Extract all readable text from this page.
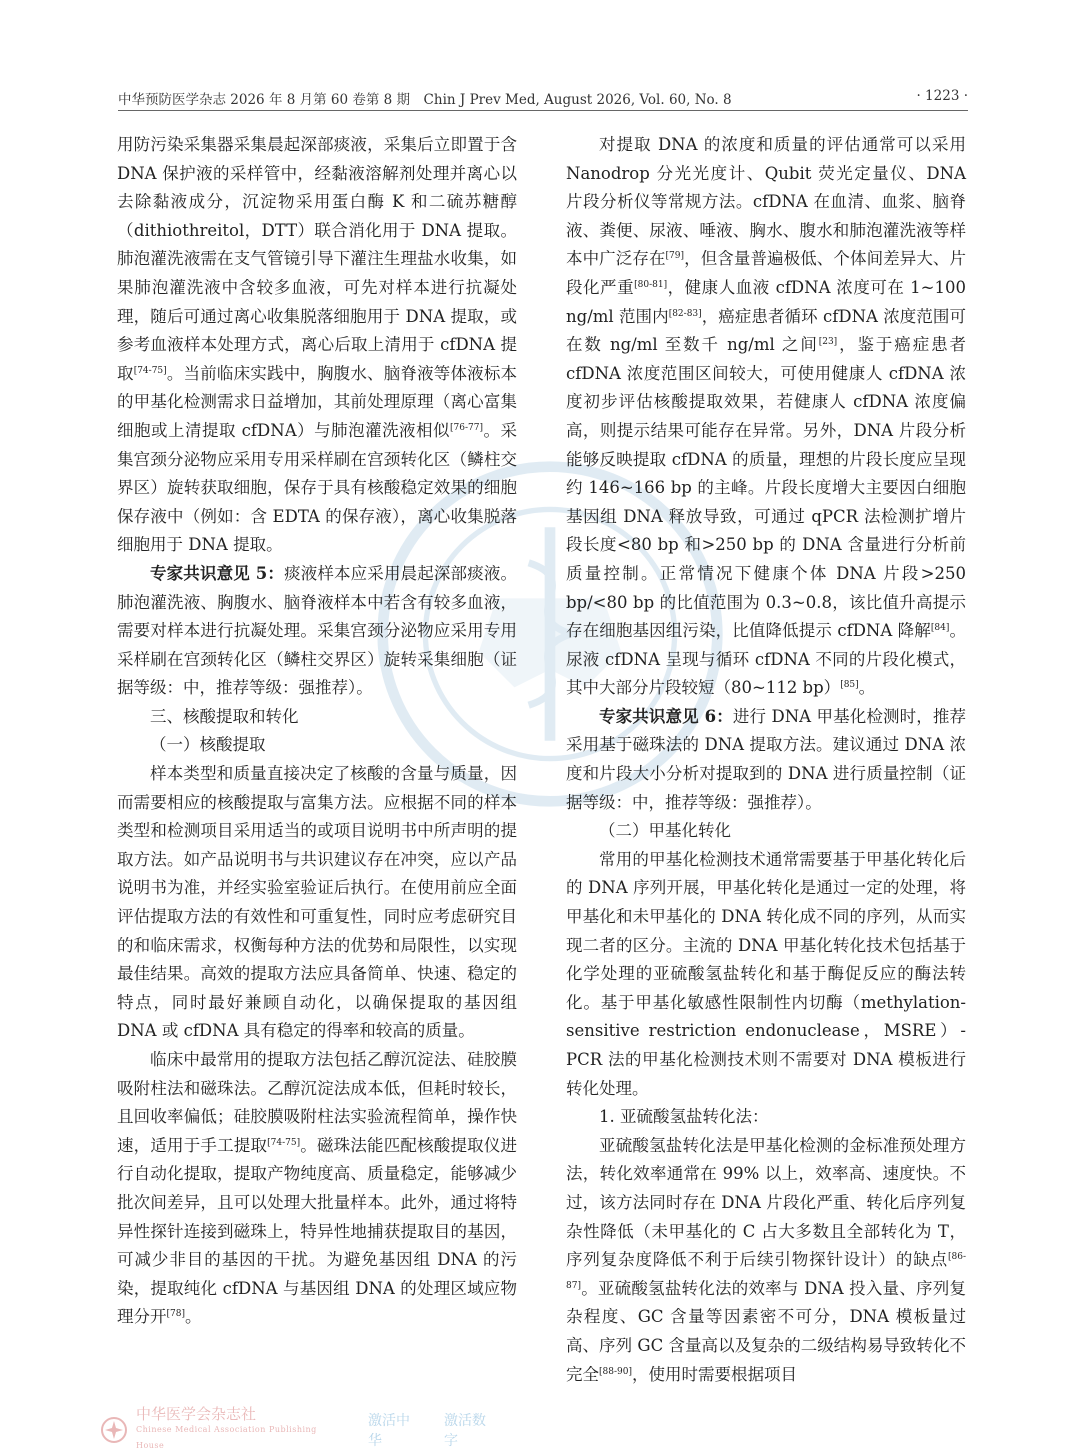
中华预防医学杂志 2026 年 8 月第 60 卷第 8 期　Chin J Prev Med, August 2026, Vol. 60, No. 8	· 1223 ·

用防污染采集器采集晨起深部痰液，采集后立即置于含 DNA 保护液的采样管中，经黏液溶解剂处理并离心以去除黏液成分，沉淀物采用蛋白酶 K 和二硫苏糖醇（dithiothreitol，DTT）联合消化用于 DNA 提取。肺泡灌洗液需在支气管镜引导下灌注生理盐水收集，如果肺泡灌洗液中含较多血液，可先对样本进行抗凝处理，随后可通过离心收集脱落细胞用于 DNA 提取，或参考血液样本处理方式，离心后取上清用于 cfDNA 提取[74-75]。当前临床实践中，胸腹水、脑脊液等体液标本的甲基化检测需求日益增加，其前处理原理（离心富集细胞或上清提取 cfDNA）与肺泡灌洗液相似[76-77]。采集宫颈分泌物应采用专用采样刷在宫颈转化区（鳞柱交界区）旋转获取细胞，保存于具有核酸稳定效果的细胞保存液中（例如：含 EDTA 的保存液），离心收集脱落细胞用于 DNA 提取。

专家共识意见 5：痰液样本应采用晨起深部痰液。肺泡灌洗液、胸腹水、脑脊液样本中若含有较多血液，需要对样本进行抗凝处理。采集宫颈分泌物应采用专用采样刷在宫颈转化区（鳞柱交界区）旋转采集细胞（证据等级：中，推荐等级：强推荐）。

三、核酸提取和转化
（一）核酸提取

样本类型和质量直接决定了核酸的含量与质量，因而需要相应的核酸提取与富集方法。应根据不同的样本类型和检测项目采用适当的或项目说明书中所声明的提取方法。如产品说明书与共识建议存在冲突，应以产品说明书为准，并经实验室验证后执行。在使用前应全面评估提取方法的有效性和可重复性，同时应考虑研究目的和临床需求，权衡每种方法的优势和局限性，以实现最佳结果。高效的提取方法应具备简单、快速、稳定的特点，同时最好兼顾自动化，以确保提取的基因组 DNA 或 cfDNA 具有稳定的得率和较高的质量。

临床中最常用的提取方法包括乙醇沉淀法、硅胶膜吸附柱法和磁珠法。乙醇沉淀法成本低，但耗时较长，且回收率偏低；硅胶膜吸附柱法实验流程简单，操作快速，适用于手工提取[74-75]。磁珠法能匹配核酸提取仪进行自动化提取，提取产物纯度高、质量稳定，能够减少批次间差异，且可以处理大批量样本。此外，通过将特异性探针连接到磁珠上，特异性地捕获提取目的基因，可减少非目的基因的干扰。为避免基因组 DNA 的污染，提取纯化 cfDNA 与基因组 DNA 的处理区域应物理分开[78]。

对提取 DNA 的浓度和质量的评估通常可以采用 Nanodrop 分光光度计、Qubit 荧光定量仪、DNA 片段分析仪等常规方法。cfDNA 在血清、血浆、脑脊液、粪便、尿液、唾液、胸水、腹水和肺泡灌洗液等样本中广泛存在[79]，但含量普遍极低、个体间差异大、片段化严重[80-81]，健康人血液 cfDNA 浓度可在 1~100 ng/ml 范围内[82-83]，癌症患者循环 cfDNA 浓度范围可在数 ng/ml 至数千 ng/ml 之间[23]，鉴于癌症患者 cfDNA 浓度范围区间较大，可使用健康人 cfDNA 浓度初步评估核酸提取效果，若健康人 cfDNA 浓度偏高，则提示结果可能存在异常。另外，DNA 片段分析能够反映提取 cfDNA 的质量，理想的片段长度应呈现约 146~166 bp 的主峰。片段长度增大主要因白细胞基因组 DNA 释放导致，可通过 qPCR 法检测扩增片段长度<80 bp 和>250 bp 的 DNA 含量进行分析前质量控制。正常情况下健康个体 DNA 片段>250 bp/<80 bp 的比值范围为 0.3~0.8，该比值升高提示存在细胞基因组污染，比值降低提示 cfDNA 降解[84]。尿液 cfDNA 呈现与循环 cfDNA 不同的片段化模式，其中大部分片段较短（80~112 bp）[85]。

专家共识意见 6：进行 DNA 甲基化检测时，推荐采用基于磁珠法的 DNA 提取方法。建议通过 DNA 浓度和片段大小分析对提取到的 DNA 进行质量控制（证据等级：中，推荐等级：强推荐）。

（二）甲基化转化

常用的甲基化检测技术通常需要基于甲基化转化后的 DNA 序列开展，甲基化转化是通过一定的处理，将甲基化和未甲基化的 DNA 转化成不同的序列，从而实现二者的区分。主流的 DNA 甲基化转化技术包括基于化学处理的亚硫酸氢盐转化和基于酶促反应的酶法转化。基于甲基化敏感性限制性内切酶（methylation-sensitive restriction endonuclease，MSRE）-PCR 法的甲基化检测技术则不需要对 DNA 模板进行转化处理。

1. 亚硫酸氢盐转化法：

亚硫酸氢盐转化法是甲基化检测的金标准预处理方法，转化效率通常在 99% 以上，效率高、速度快。不过，该方法同时存在 DNA 片段化严重、转化后序列复杂性降低（未甲基化的 C 占大多数且全部转化为 T，序列复杂度降低不利于后续引物探针设计）的缺点[86-87]。亚硫酸氢盐转化法的效率与 DNA 投入量、序列复杂程度、GC 含量等因素密不可分，DNA 模板量过高、序列 GC 含量高以及复杂的二级结构易导致转化不完全[88-90]，使用时需要根据项目

中华医学会杂志社
Chinese Medical Association Publishing House
激活中华
激活数字
